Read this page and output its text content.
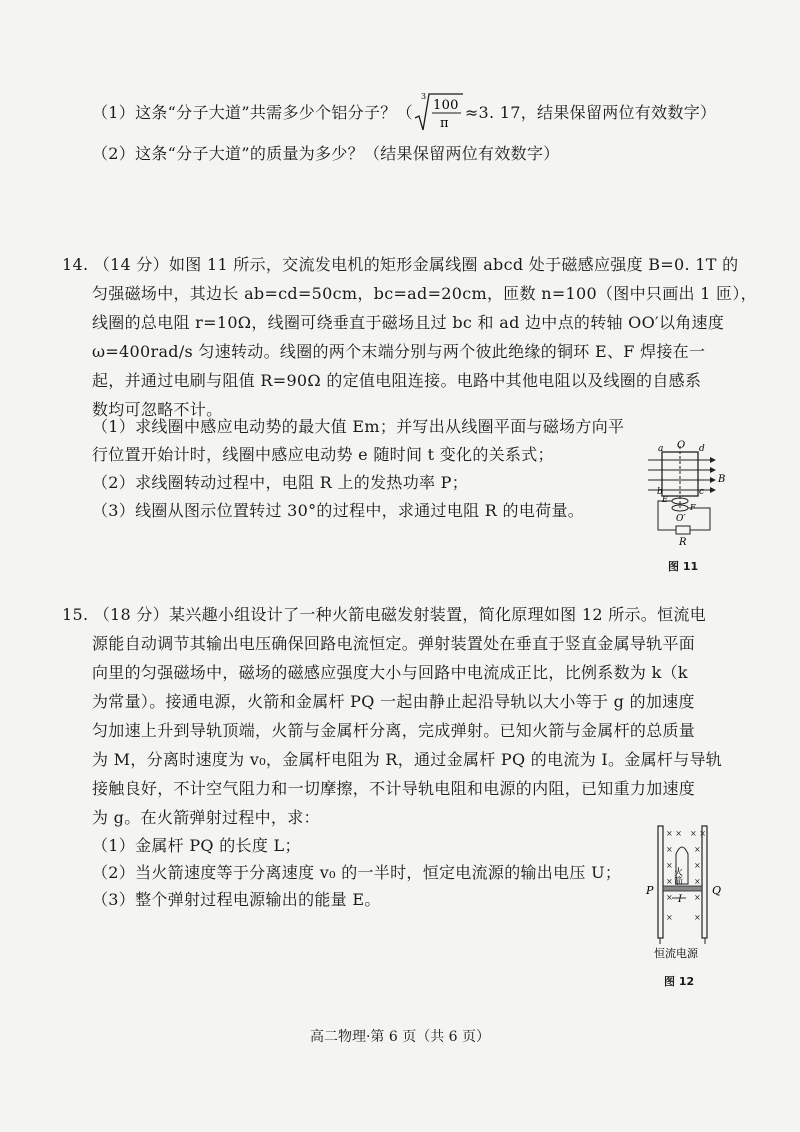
（1）这条“分子大道”共需多少个铝分子？（
3
100
π
≈3. 17，结果保留两位有效数字）
（2）这条“分子大道”的质量为多少？（结果保留两位有效数字）
14. （14 分）如图 11 所示，交流发电机的矩形金属线圈 abcd 处于磁感应强度 B=0. 1T 的
匀强磁场中，其边长 ab=cd=50cm，bc=ad=20cm，匝数 n=100（图中只画出 1 匝），
线圈的总电阻 r=10Ω，线圈可绕垂直于磁场且过 bc 和 ad 边中点的转轴 OO′以角速度
ω=400rad/s 匀速转动。线圈的两个末端分别与两个彼此绝缘的铜环 E、F 焊接在一
起，并通过电刷与阻值 R=90Ω 的定值电阻连接。电路中其他电阻以及线圈的自感系
数均可忽略不计。
（1）求线圈中感应电动势的最大值 Em；并写出从线圈平面与磁场方向平
行位置开始计时，线圈中感应电动势 e 随时间 t 变化的关系式；
（2）求线圈转动过程中，电阻 R 上的发热功率 P；
（3）线圈从图示位置转过 30°的过程中，求通过电阻 R 的电荷量。
O
a	d
B
b	c
E
F
O′
R
图 11
15. （18 分）某兴趣小组设计了一种火箭电磁发射装置，简化原理如图 12 所示。恒流电
源能自动调节其输出电压确保回路电流恒定。弹射装置处在垂直于竖直金属导轨平面
向里的匀强磁场中，磁场的磁感应强度大小与回路中电流成正比，比例系数为 k（k
为常量）。接通电源，火箭和金属杆 PQ 一起由静止起沿导轨以大小等于 g 的加速度
匀加速上升到导轨顶端，火箭与金属杆分离，完成弹射。已知火箭与金属杆的总质量
为 M，分离时速度为 v₀，金属杆电阻为 R，通过金属杆 PQ 的电流为 I。金属杆与导轨
接触良好，不计空气阻力和一切摩擦，不计导轨电阻和电源的内阻，已知重力加速度
为 g。在火箭弹射过程中，求：
（1）金属杆 PQ 的长度 L；
（2）当火箭速度等于分离速度 v₀ 的一半时，恒定电流源的输出电压 U；
（3）整个弹射过程电源输出的能量 E。
× × × ×
×	×
×	×
×	×
×	×
×	×
火箭
I
P	Q
恒流电源
图 12
高二物理·第 6 页（共 6 页）
